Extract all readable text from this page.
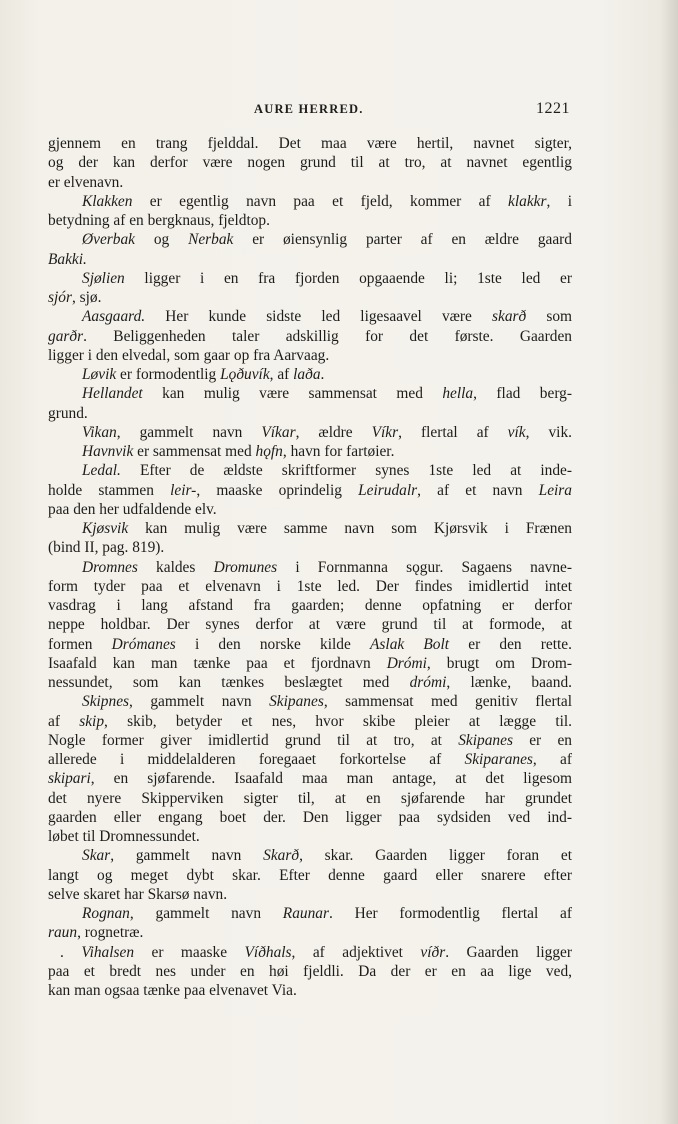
AURE HERRED.	1221
gjennem en trang fjelddal. Det maa være hertil, navnet sigter,
og der kan derfor være nogen grund til at tro, at navnet egentlig
er elvenavn.
Klakken er egentlig navn paa et fjeld, kommer af klakkr, i
betydning af en bergknaus, fjeldtop.
Øverbak og Nerbak er øiensynlig parter af en ældre gaard
Bakki.
Sjølien ligger i en fra fjorden opgaaende li; 1ste led er
sjór, sjø.
Aasgaard. Her kunde sidste led ligesaavel være skarð som
garðr. Beliggenheden taler adskillig for det første. Gaarden
ligger i den elvedal, som gaar op fra Aarvaag.
Løvik er formodentlig Lǫðuvík, af laða.
Hellandet kan mulig være sammensat med hella, flad berg-
grund.
Vikan, gammelt navn Víkar, ældre Víkr, flertal af vík, vik.
Havnvik er sammensat med hǫfn, havn for fartøier.
Ledal. Efter de ældste skriftformer synes 1ste led at inde-
holde stammen leir-, maaske oprindelig Leirudalr, af et navn Leira
paa den her udfaldende elv.
Kjøsvik kan mulig være samme navn som Kjørsvik i Frænen
(bind II, pag. 819).
Dromnes kaldes Dromunes i Fornmanna sǫgur. Sagaens navne-
form tyder paa et elvenavn i 1ste led. Der findes imidlertid intet
vasdrag i lang afstand fra gaarden; denne opfatning er derfor
neppe holdbar. Der synes derfor at være grund til at formode, at
formen Drómanes i den norske kilde Aslak Bolt er den rette.
Isaafald kan man tænke paa et fjordnavn Drómi, brugt om Drom-
nessundet, som kan tænkes beslægtet med drómi, lænke, baand.
Skipnes, gammelt navn Skipanes, sammensat med genitiv flertal
af skip, skib, betyder et nes, hvor skibe pleier at lægge til.
Nogle former giver imidlertid grund til at tro, at Skipanes er en
allerede i middelalderen foregaaet forkortelse af Skiparanes, af
skipari, en sjøfarende. Isaafald maa man antage, at det ligesom
det nyere Skipperviken sigter til, at en sjøfarende har grundet
gaarden eller engang boet der. Den ligger paa sydsiden ved ind-
løbet til Dromnessundet.
Skar, gammelt navn Skarð, skar. Gaarden ligger foran et
langt og meget dybt skar. Efter denne gaard eller snarere efter
selve skaret har Skarsø navn.
Rognan, gammelt navn Raunar. Her formodentlig flertal af
raun, rognetræ.
. Vihalsen er maaske Víðhals, af adjektivet víðr. Gaarden ligger
paa et bredt nes under en høi fjeldli. Da der er en aa lige ved,
kan man ogsaa tænke paa elvenavet Via.
